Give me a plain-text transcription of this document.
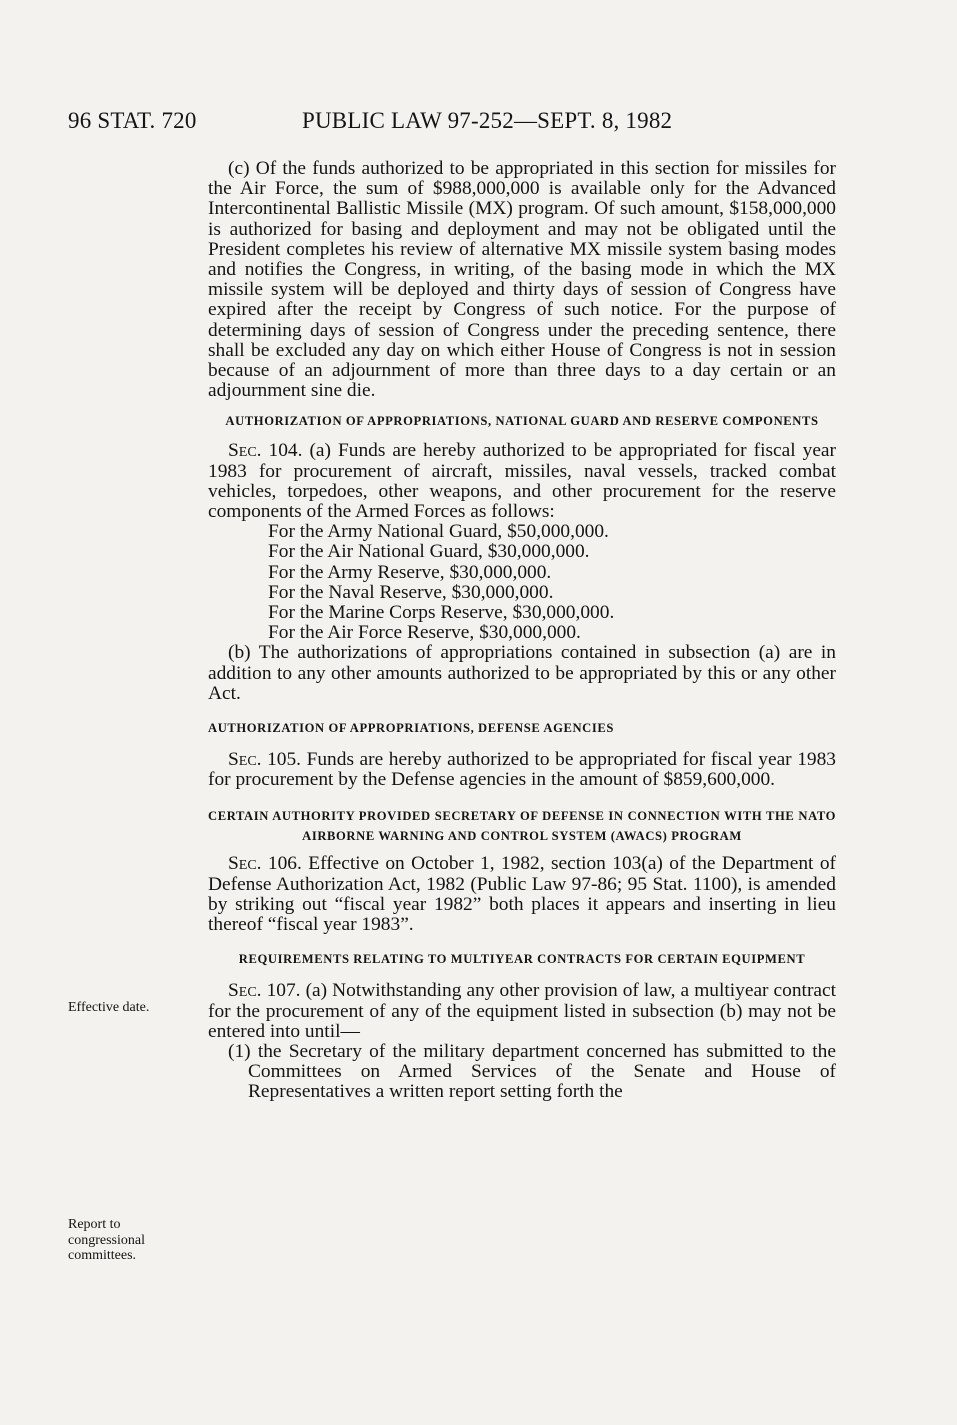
96 STAT. 720	PUBLIC LAW 97-252—SEPT. 8, 1982
Effective date.
Report to
congressional
committees.

(c) Of the funds authorized to be appropriated in this section for missiles for the Air Force, the sum of $988,000,000 is available only for the Advanced Intercontinental Ballistic Missile (MX) program. Of such amount, $158,000,000 is authorized for basing and deployment and may not be obligated until the President completes his review of alternative MX missile system basing modes and notifies the Congress, in writing, of the basing mode in which the MX missile system will be deployed and thirty days of session of Congress have expired after the receipt by Congress of such notice. For the purpose of determining days of session of Congress under the preceding sentence, there shall be excluded any day on which either House of Congress is not in session because of an adjournment of more than three days to a day certain or an adjournment sine die.

AUTHORIZATION OF APPROPRIATIONS, NATIONAL GUARD AND RESERVE COMPONENTS

Sec. 104. (a) Funds are hereby authorized to be appropriated for fiscal year 1983 for procurement of aircraft, missiles, naval vessels, tracked combat vehicles, torpedoes, other weapons, and other procurement for the reserve components of the Armed Forces as follows:

For the Army National Guard, $50,000,000.
For the Air National Guard, $30,000,000.
For the Army Reserve, $30,000,000.
For the Naval Reserve, $30,000,000.
For the Marine Corps Reserve, $30,000,000.
For the Air Force Reserve, $30,000,000.

(b) The authorizations of appropriations contained in subsection (a) are in addition to any other amounts authorized to be appropriated by this or any other Act.

AUTHORIZATION OF APPROPRIATIONS, DEFENSE AGENCIES

Sec. 105. Funds are hereby authorized to be appropriated for fiscal year 1983 for procurement by the Defense agencies in the amount of $859,600,000.

CERTAIN AUTHORITY PROVIDED SECRETARY OF DEFENSE IN CONNECTION WITH THE NATO AIRBORNE WARNING AND CONTROL SYSTEM (AWACS) PROGRAM

Sec. 106. Effective on October 1, 1982, section 103(a) of the Department of Defense Authorization Act, 1982 (Public Law 97-86; 95 Stat. 1100), is amended by striking out “fiscal year 1982” both places it appears and inserting in lieu thereof “fiscal year 1983”.

REQUIREMENTS RELATING TO MULTIYEAR CONTRACTS FOR CERTAIN EQUIPMENT

Sec. 107. (a) Notwithstanding any other provision of law, a multiyear contract for the procurement of any of the equipment listed in subsection (b) may not be entered into until—

(1) the Secretary of the military department concerned has submitted to the Committees on Armed Services of the Senate and House of Representatives a written report setting forth the
